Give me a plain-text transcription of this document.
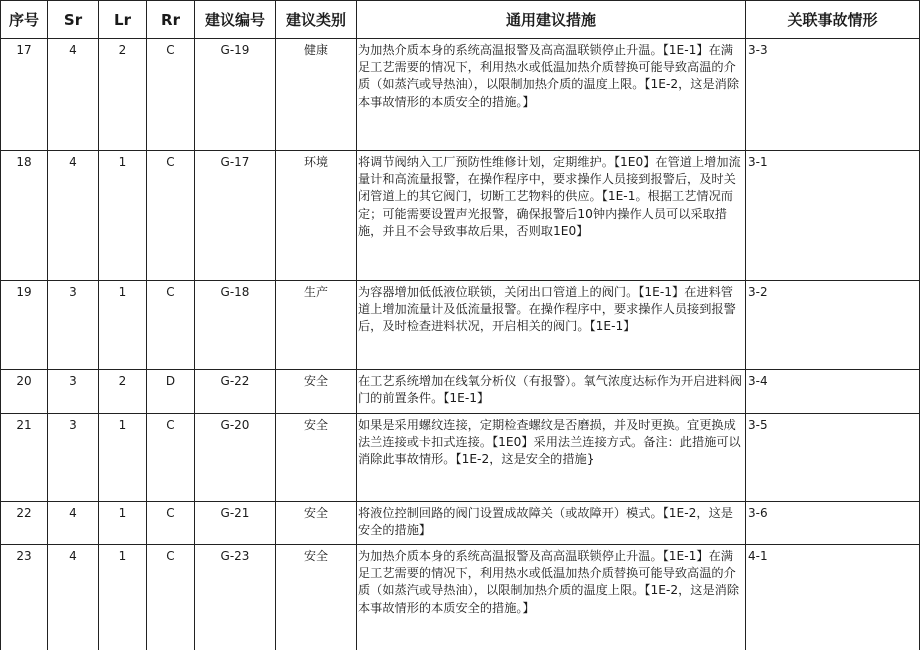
序号	Sr	Lr	Rr	建议编号	建议类别	通用建议措施	关联事故情形
17	4	2	C	G-19	健康	为加热介质本身的系统高温报警及高高温联锁停止升温。【1E-1】在满足工艺需要的情况下，利用热水或低温加热介质替换可能导致高温的介质（如蒸汽或导热油），以限制加热介质的温度上限。【1E-2，这是消除本事故情形的本质安全的措施。】	3-3
18	4	1	C	G-17	环境	将调节阀纳入工厂预防性维修计划，定期维护。【1E0】在管道上增加流量计和高流量报警，在操作程序中，要求操作人员接到报警后，及时关闭管道上的其它阀门，切断工艺物料的供应。【1E-1。根据工艺情况而定；可能需要设置声光报警，确保报警后10钟内操作人员可以采取措施，并且不会导致事故后果，否则取1E0】	3-1
19	3	1	C	G-18	生产	为容器增加低低液位联锁，关闭出口管道上的阀门。【1E-1】在进料管道上增加流量计及低流量报警。在操作程序中，要求操作人员接到报警后，及时检查进料状况，开启相关的阀门。【1E-1】	3-2
20	3	2	D	G-22	安全	在工艺系统增加在线氧分析仪（有报警）。氧气浓度达标作为开启进料阀门的前置条件。【1E-1】	3-4
21	3	1	C	G-20	安全	如果是采用螺纹连接，定期检查螺纹是否磨损，并及时更换。宜更换成法兰连接或卡扣式连接。【1E0】采用法兰连接方式。备注：此措施可以消除此事故情形。【1E-2，这是安全的措施}	3-5
22	4	1	C	G-21	安全	将液位控制回路的阀门设置成故障关（或故障开）模式。【1E-2，这是安全的措施】	3-6
23	4	1	C	G-23	安全	为加热介质本身的系统高温报警及高高温联锁停止升温。【1E-1】在满足工艺需要的情况下，利用热水或低温加热介质替换可能导致高温的介质（如蒸汽或导热油），以限制加热介质的温度上限。【1E-2，这是消除本事故情形的本质安全的措施。】	4-1
